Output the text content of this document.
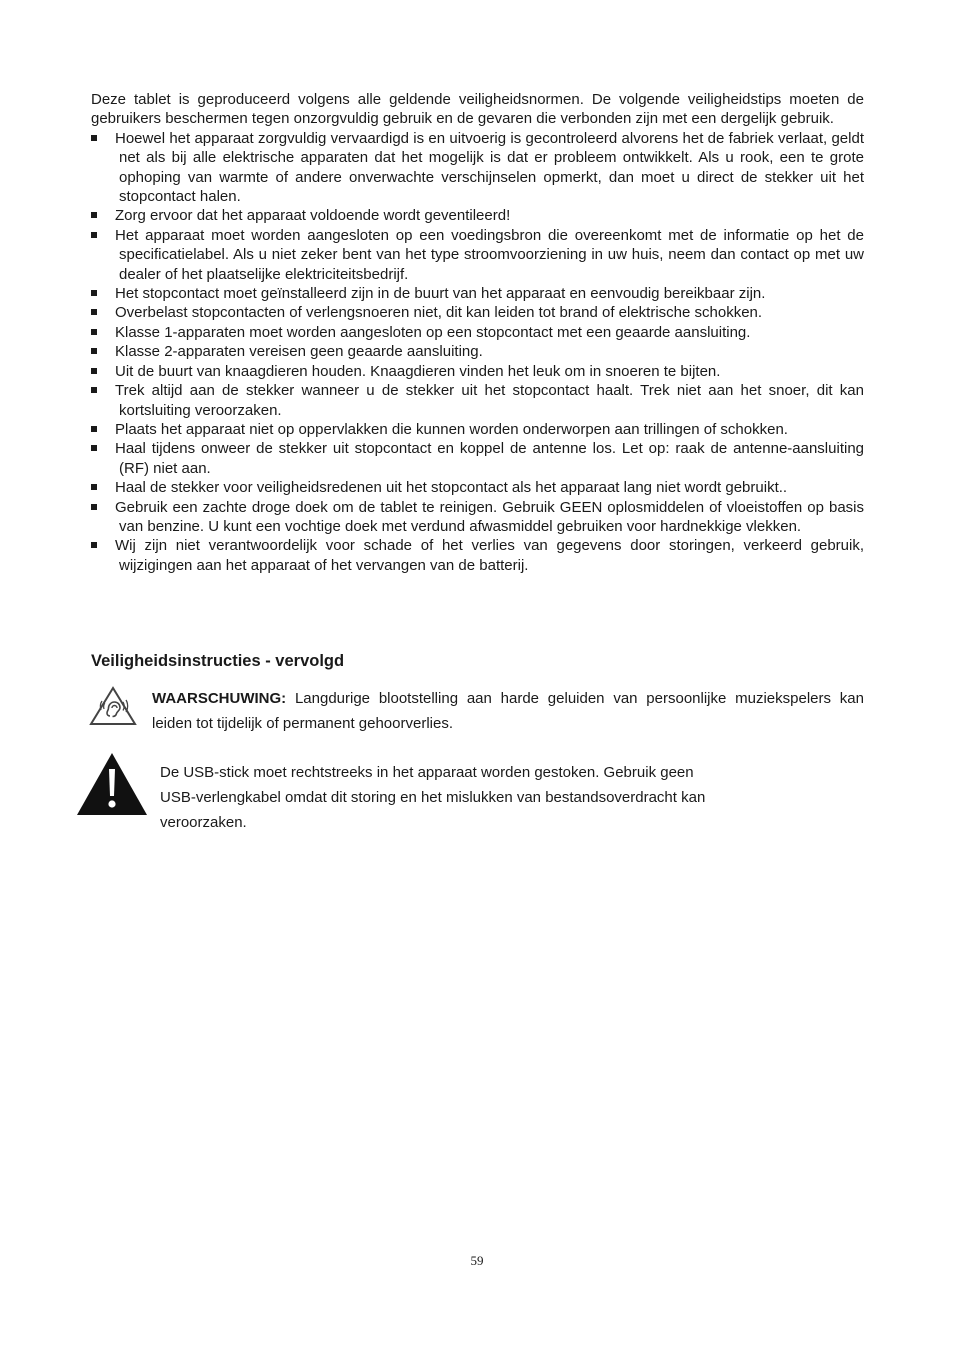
Deze tablet is geproduceerd volgens alle geldende veiligheidsnormen. De volgende veiligheidstips moeten de gebruikers beschermen tegen onzorgvuldig gebruik en de gevaren die verbonden zijn met een dergelijk gebruik.

Hoewel het apparaat zorgvuldig vervaardigd is en uitvoerig is gecontroleerd alvorens het de fabriek verlaat, geldt net als bij alle elektrische apparaten dat het mogelijk is dat er probleem ontwikkelt. Als u rook, een te grote ophoping van warmte of andere onverwachte verschijnselen opmerkt, dan moet u direct de stekker uit het stopcontact halen.
Zorg ervoor dat het apparaat voldoende wordt geventileerd!
Het apparaat moet worden aangesloten op een voedingsbron die overeenkomt met de informatie op het de specificatielabel. Als u niet zeker bent van het type stroomvoorziening in uw huis, neem dan contact op met uw dealer of het plaatselijke elektriciteitsbedrijf.
Het stopcontact moet geïnstalleerd zijn in de buurt van het apparaat en eenvoudig bereikbaar zijn.
Overbelast stopcontacten of verlengsnoeren niet, dit kan leiden tot brand of elektrische schokken.
Klasse 1-apparaten moet worden aangesloten op een stopcontact met een geaarde aansluiting.
Klasse 2-apparaten vereisen geen geaarde aansluiting.
Uit de buurt van knaagdieren houden. Knaagdieren vinden het leuk om in snoeren te bijten.
Trek altijd aan de stekker wanneer u de stekker uit het stopcontact haalt. Trek niet aan het snoer, dit kan kortsluiting veroorzaken.
Plaats het apparaat niet op oppervlakken die kunnen worden onderworpen aan trillingen of schokken.
Haal tijdens onweer de stekker uit stopcontact en koppel de antenne los. Let op: raak de antenne-aansluiting (RF) niet aan.
Haal de stekker voor veiligheidsredenen uit het stopcontact als het apparaat lang niet wordt gebruikt..
Gebruik een zachte droge doek om de tablet te reinigen. Gebruik GEEN oplosmiddelen of vloeistoffen op basis van benzine. U kunt een vochtige doek met verdund afwasmiddel gebruiken voor hardnekkige vlekken.
Wij zijn niet verantwoordelijk voor schade of het verlies van gegevens door storingen, verkeerd gebruik, wijzigingen aan het apparaat of het vervangen van de batterij.
Veiligheidsinstructies - vervolgd
WAARSCHUWING: Langdurige blootstelling aan harde geluiden van persoonlijke muziekspelers kan leiden tot tijdelijk of permanent gehoorverlies.
De USB-stick moet rechtstreeks in het apparaat worden gestoken. Gebruik geen
USB-verlengkabel omdat dit storing en het mislukken van bestandsoverdracht kan
veroorzaken.
59
